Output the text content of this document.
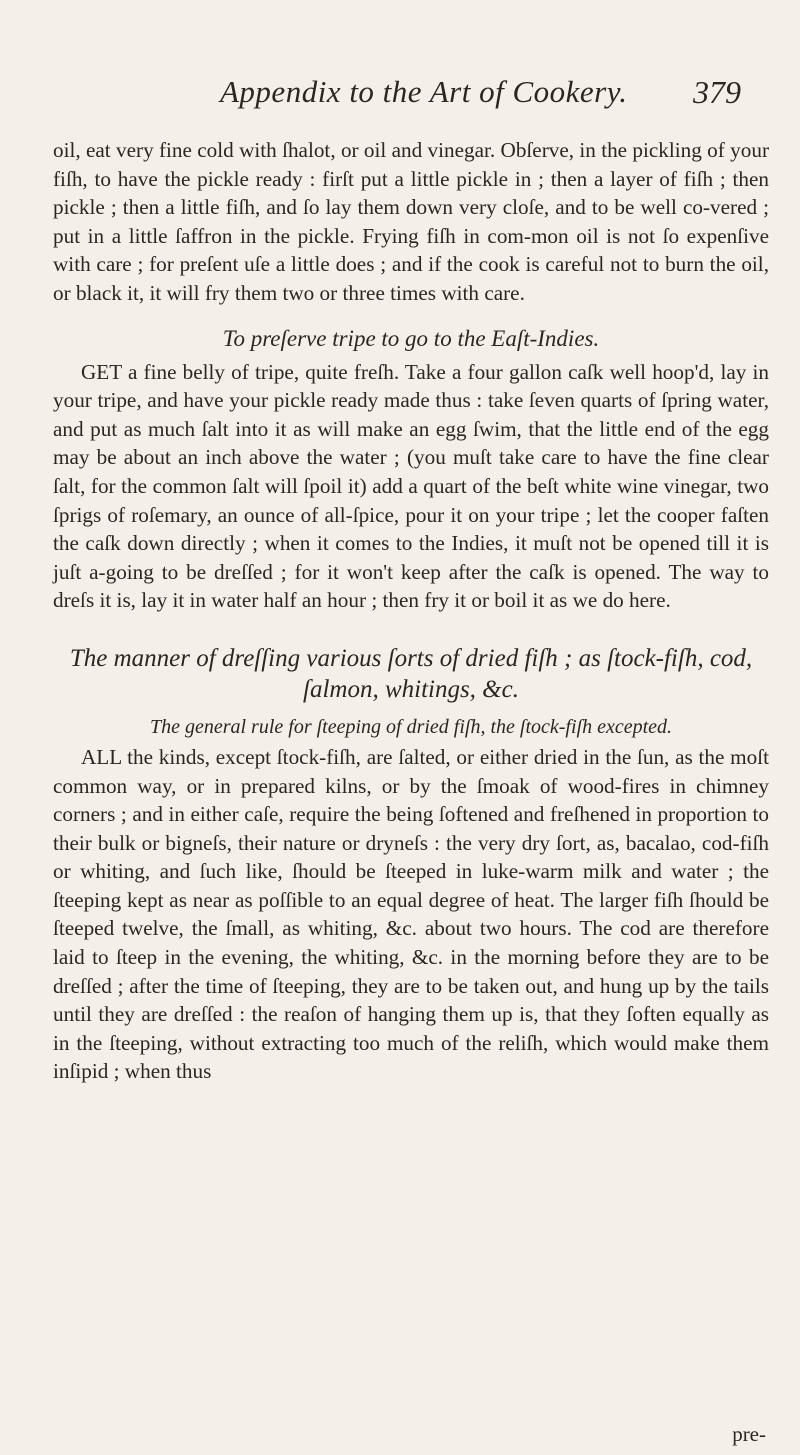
Appendix to the Art of Cookery. 379

oil, eat very fine cold with ſhalot, or oil and vinegar. Obſerve, in the pickling of your fiſh, to have the pickle ready : firſt put a little pickle in ; then a layer of fiſh ; then pickle ; then a little fiſh, and ſo lay them down very cloſe, and to be well co-vered ; put in a little ſaffron in the pickle. Frying fiſh in com-mon oil is not ſo expenſive with care ; for preſent uſe a little does ; and if the cook is careful not to burn the oil, or black it, it will fry them two or three times with care.

To preſerve tripe to go to the Eaſt-Indies.

GET a fine belly of tripe, quite freſh. Take a four gallon caſk well hoop'd, lay in your tripe, and have your pickle ready made thus : take ſeven quarts of ſpring water, and put as much ſalt into it as will make an egg ſwim, that the little end of the egg may be about an inch above the water ; (you muſt take care to have the fine clear ſalt, for the common ſalt will ſpoil it) add a quart of the beſt white wine vinegar, two ſprigs of roſemary, an ounce of all-ſpice, pour it on your tripe ; let the cooper faſten the caſk down directly ; when it comes to the Indies, it muſt not be opened till it is juſt a-going to be dreſſed ; for it won't keep after the caſk is opened. The way to dreſs it is, lay it in water half an hour ; then fry it or boil it as we do here.

The manner of dreſſing various ſorts of dried fiſh ; as ſtock-fiſh, cod, ſalmon, whitings, &c.
The general rule for ſteeping of dried fiſh, the ſtock-fiſh excepted.

ALL the kinds, except ſtock-fiſh, are ſalted, or either dried in the ſun, as the moſt common way, or in prepared kilns, or by the ſmoak of wood-fires in chimney corners ; and in either caſe, require the being ſoftened and freſhened in proportion to their bulk or bigneſs, their nature or dryneſs : the very dry ſort, as, bacalao, cod-fiſh or whiting, and ſuch like, ſhould be ſteeped in luke-warm milk and water ; the ſteeping kept as near as poſſible to an equal degree of heat. The larger fiſh ſhould be ſteeped twelve, the ſmall, as whiting, &c. about two hours. The cod are therefore laid to ſteep in the evening, the whiting, &c. in the morning before they are to be dreſſed ; after the time of ſteeping, they are to be taken out, and hung up by the tails until they are dreſſed : the reaſon of hanging them up is, that they ſoften equally as in the ſteeping, without extracting too much of the reliſh, which would make them inſipid ; when thus

pre-
